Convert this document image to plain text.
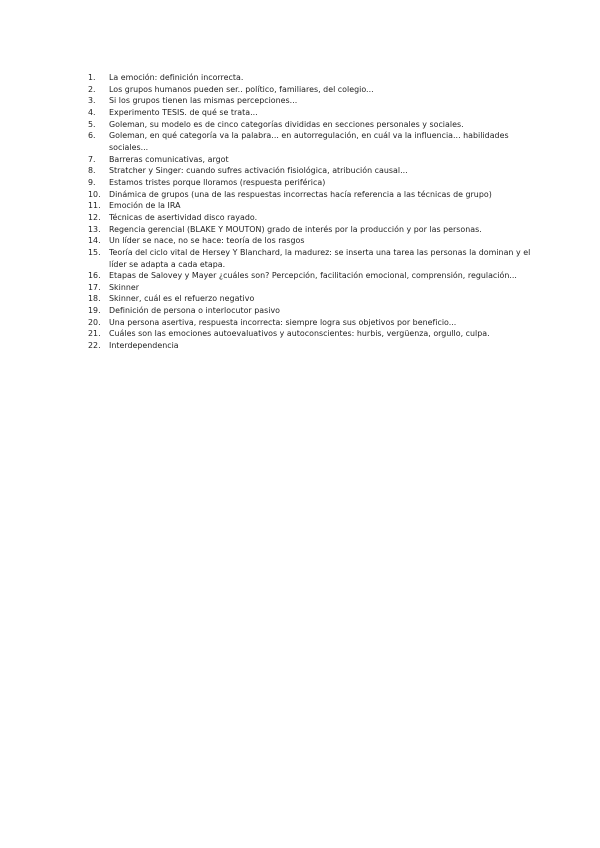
1.	La emoción: definición incorrecta.
2.	Los grupos humanos pueden ser.. político, familiares, del colegio...
3.	Si los grupos tienen las mismas percepciones...
4.	Experimento TESIS. de qué se trata...
5.	Goleman, su modelo es de cinco categorías divididas en secciones personales y sociales.
6.	Goleman, en qué categoría va la palabra... en autorregulación, en cuál va la influencia... habilidades sociales...
7.	Barreras comunicativas, argot
8.	Stratcher y Singer: cuando sufres activación fisiológica, atribución causal...
9.	Estamos tristes porque lloramos (respuesta periférica)
10.	Dinámica de grupos (una de las respuestas incorrectas hacía referencia a las técnicas de grupo)
11.	Emoción de la IRA
12.	Técnicas de asertividad disco rayado.
13.	Regencia gerencial (BLAKE Y MOUTON) grado de interés por la producción y por las personas.
14.	Un líder se nace, no se hace: teoría de los rasgos
15.	Teoría del ciclo vital de Hersey Y Blanchard, la madurez: se inserta una tarea las personas la dominan y el líder se adapta a cada etapa.
16.	Etapas de Salovey y Mayer ¿cuáles son? Percepción, facilitación emocional, comprensión, regulación...
17.	Skinner
18.	Skinner, cuál es el refuerzo negativo
19.	Definición de persona o interlocutor pasivo
20.	Una persona asertiva, respuesta incorrecta: siempre logra sus objetivos por beneficio...
21.	Cuáles son las emociones autoevaluativos y autoconscientes: hurbis, vergüenza, orgullo, culpa.
22.	Interdependencia
